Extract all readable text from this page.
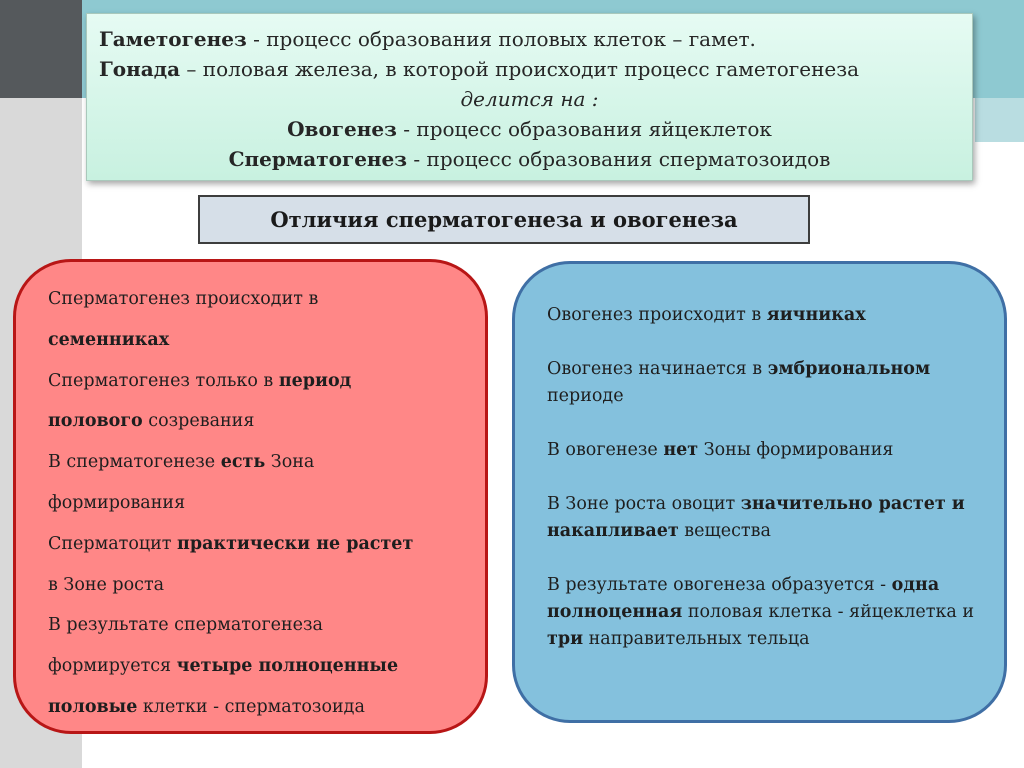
Гаметогенез - процесс образования половых клеток – гамет.

Гонада – половая железа, в которой происходит процесс гаметогенеза

делится на :

Овогенез - процесс образования яйцеклеток

Сперматогенез - процесс образования сперматозоидов

Отличия сперматогенеза и овогенеза

Сперматогенез происходит в

семенниках

Сперматогенез только в период

полового созревания

В сперматогенезе есть Зона

формирования

Сперматоцит практически не растет

в Зоне роста

В результате сперматогенеза

формируется четыре полноценные

половые клетки - сперматозоида

Овогенез происходит в яичниках

Овогенез начинается в эмбриональном периоде

В овогенезе нет Зоны формирования

В Зоне роста овоцит значительно растет и накапливает вещества

В результате овогенеза образуется - одна полноценная половая клетка - яйцеклетка и три направительных тельца
